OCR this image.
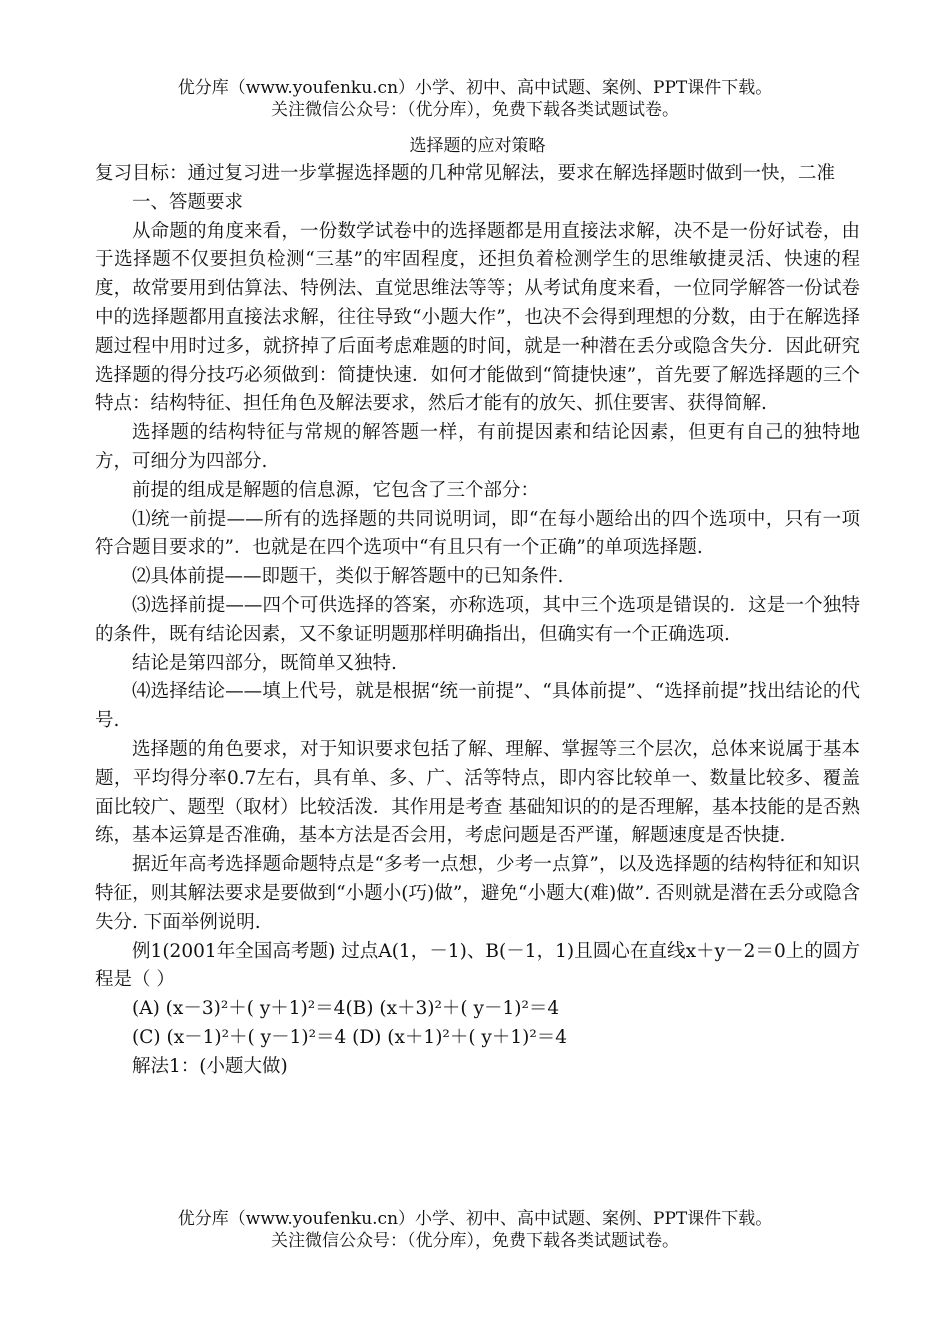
优分库（www.youfenku.cn）小学、初中、高中试题、案例、PPT课件下载。
关注微信公众号：（优分库），免费下载各类试题试卷。

选择题的应对策略

复习目标：通过复习进一步掌握选择题的几种常见解法，要求在解选择题时做到一快，二准

一、答题要求

从命题的角度来看，一份数学试卷中的选择题都是用直接法求解，决不是一份好试卷，由于选择题不仅要担负检测“三基”的牢固程度，还担负着检测学生的思维敏捷灵活、快速的程度，故常要用到估算法、特例法、直觉思维法等等；从考试角度来看，一位同学解答一份试卷中的选择题都用直接法求解，往往导致“小题大作”，也决不会得到理想的分数，由于在解选择题过程中用时过多，就挤掉了后面考虑难题的时间，就是一种潜在丢分或隐含失分．因此研究选择题的得分技巧必须做到：简捷快速．如何才能做到“简捷快速”，首先要了解选择题的三个特点：结构特征、担任角色及解法要求，然后才能有的放矢、抓住要害、获得简解.

选择题的结构特征与常规的解答题一样，有前提因素和结论因素，但更有自己的独特地方，可细分为四部分.

前提的组成是解题的信息源，它包含了三个部分：

⑴统一前提——所有的选择题的共同说明词，即“在每小题给出的四个选项中，只有一项符合题目要求的”．也就是在四个选项中“有且只有一个正确”的单项选择题.

⑵具体前提——即题干，类似于解答题中的已知条件.

⑶选择前提——四个可供选择的答案，亦称选项，其中三个选项是错误的．这是一个独特的条件，既有结论因素，又不象证明题那样明确指出，但确实有一个正确选项.

结论是第四部分，既简单又独特.

⑷选择结论——填上代号，就是根据“统一前提”、“具体前提”、“选择前提”找出结论的代号.

选择题的角色要求，对于知识要求包括了解、理解、掌握等三个层次，总体来说属于基本题，平均得分率0.7左右，具有单、多、广、活等特点，即内容比较单一、数量比较多、覆盖面比较广、题型（取材）比较活泼．其作用是考查 基础知识的的是否理解，基本技能的是否熟练，基本运算是否准确，基本方法是否会用，考虑问题是否严谨，解题速度是否快捷.

据近年高考选择题命题特点是“多考一点想，少考一点算”，以及选择题的结构特征和知识特征，则其解法要求是要做到“小题小(巧)做”，避免“小题大(难)做”. 否则就是潜在丢分或隐含失分. 下面举例说明.

例1(2001年全国高考题) 过点A(1，－1)、B(－1，1)且圆心在直线x＋y－2＝0上的圆方程是（ ）

(A) (x－3)²＋( y＋1)²＝4(B) (x＋3)²＋( y－1)²＝4

(C) (x－1)²＋( y－1)²＝4 (D) (x＋1)²＋( y＋1)²＝4

解法1：(小题大做)

优分库（www.youfenku.cn）小学、初中、高中试题、案例、PPT课件下载。
关注微信公众号：（优分库），免费下载各类试题试卷。
